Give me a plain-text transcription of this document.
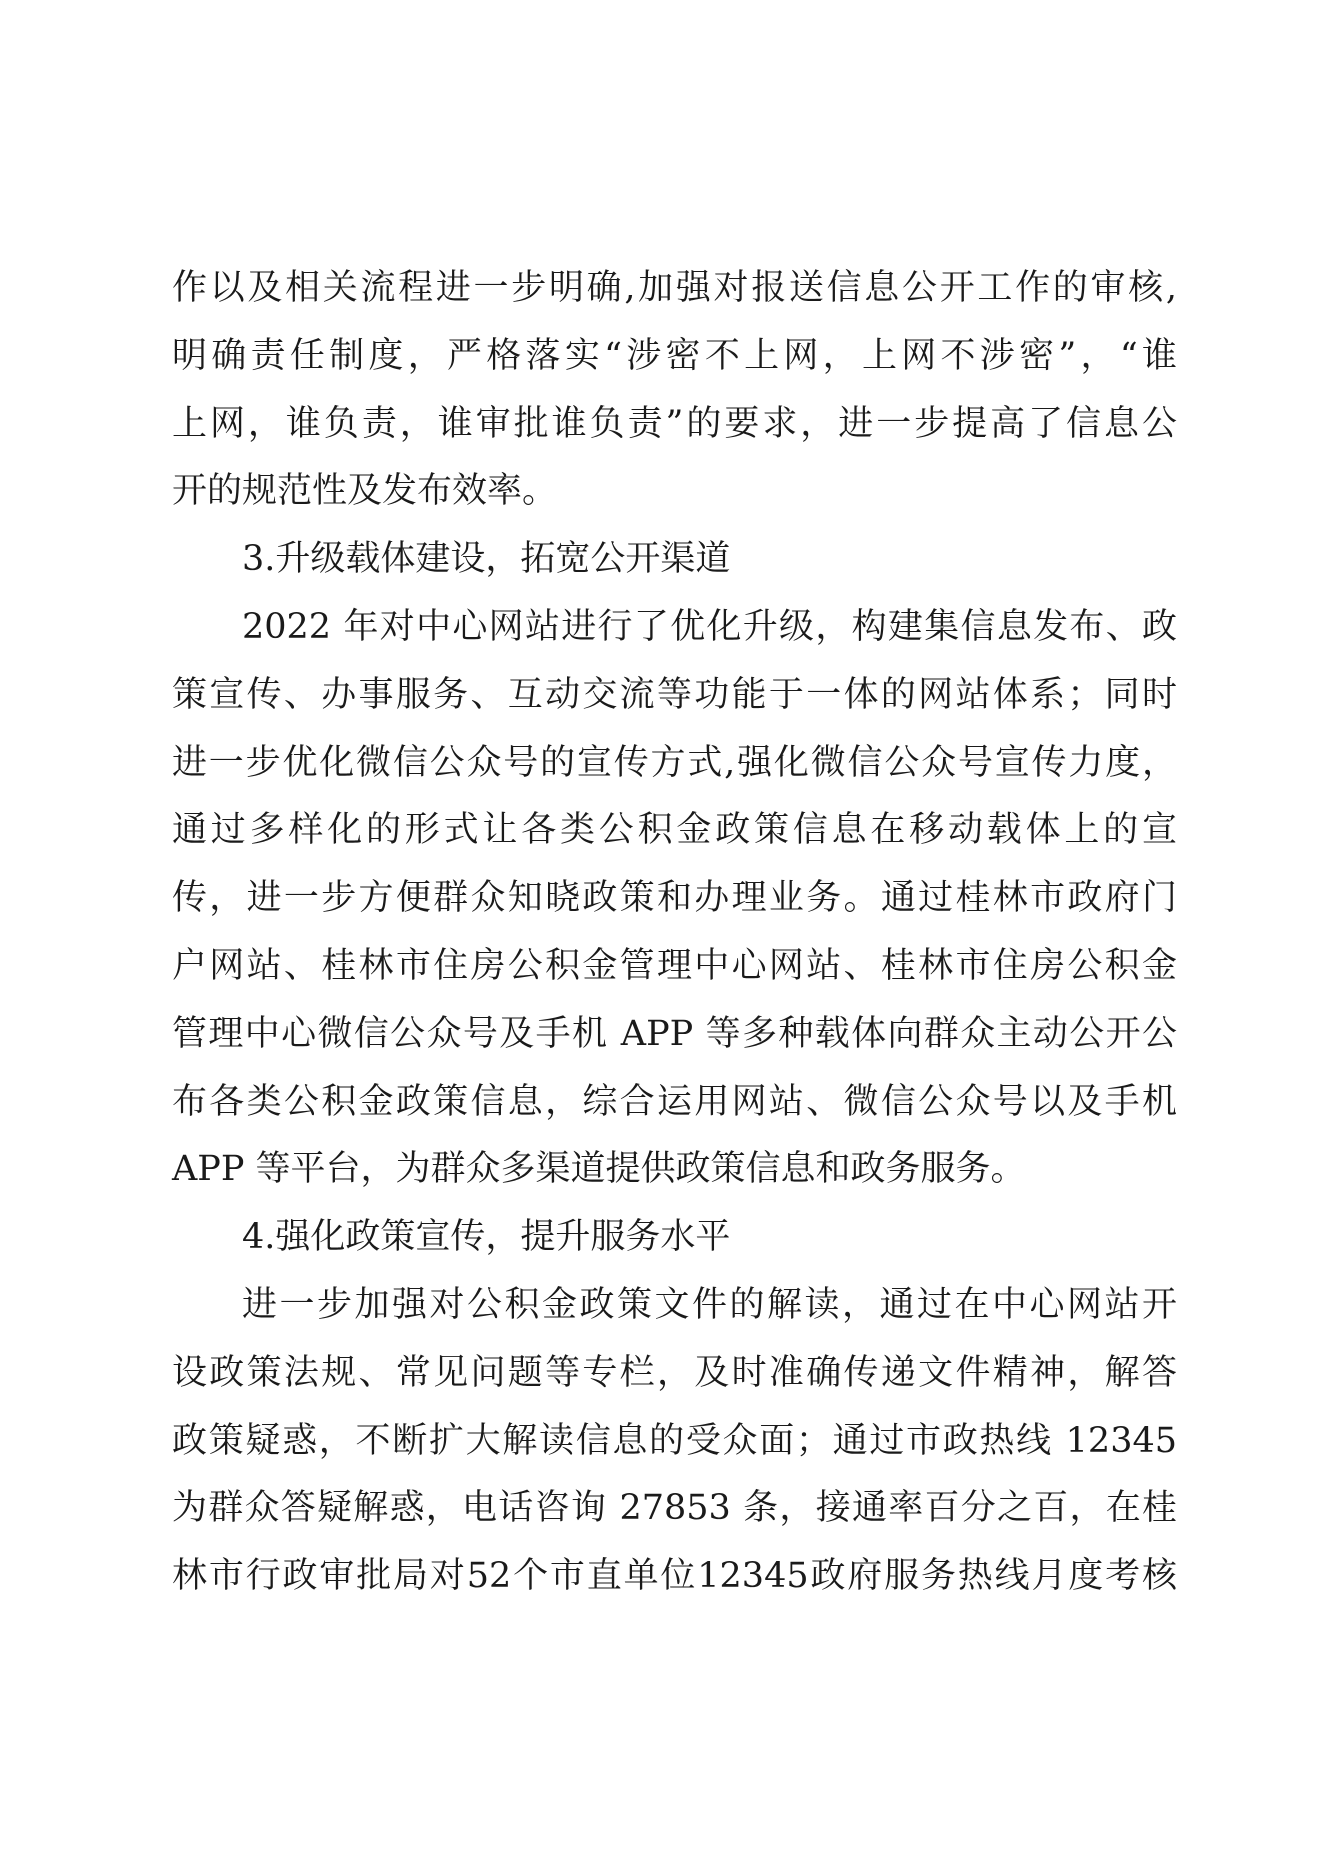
作以及相关流程进一步明确,加强对报送信息公开工作的审核,
明确责任制度，严格落实“涉密不上网，上网不涉密”，“谁
上网，谁负责，谁审批谁负责”的要求，进一步提高了信息公
开的规范性及发布效率。
3.升级载体建设，拓宽公开渠道
2022 年对中心网站进行了优化升级，构建集信息发布、政
策宣传、办事服务、互动交流等功能于一体的网站体系；同时
进一步优化微信公众号的宣传方式,强化微信公众号宣传力度，
通过多样化的形式让各类公积金政策信息在移动载体上的宣
传，进一步方便群众知晓政策和办理业务。通过桂林市政府门
户网站、桂林市住房公积金管理中心网站、桂林市住房公积金
管理中心微信公众号及手机 APP 等多种载体向群众主动公开公
布各类公积金政策信息，综合运用网站、微信公众号以及手机
APP 等平台，为群众多渠道提供政策信息和政务服务。
4.强化政策宣传，提升服务水平
进一步加强对公积金政策文件的解读，通过在中心网站开
设政策法规、常见问题等专栏，及时准确传递文件精神，解答
政策疑惑，不断扩大解读信息的受众面；通过市政热线 12345
为群众答疑解惑，电话咨询 27853 条，接通率百分之百，在桂
林市行政审批局对52个市直单位12345政府服务热线月度考核
